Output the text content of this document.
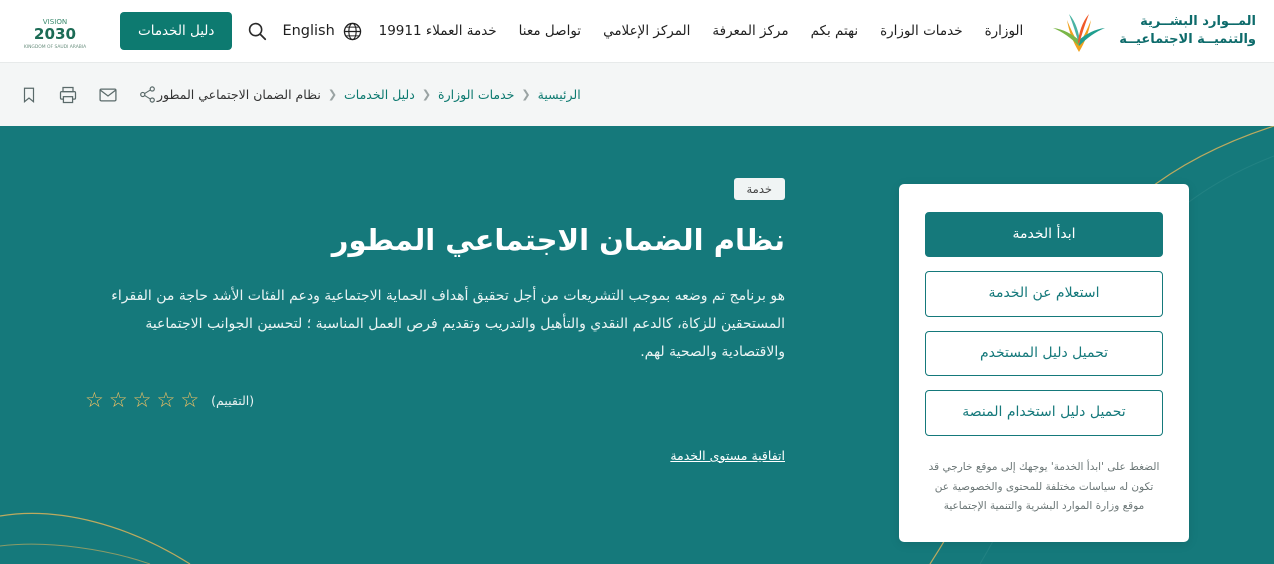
المــوارد البشــرية
والتنميــة الاجتماعيــة
الوزارة
خدمات الوزارة
نهتم بكم
مركز المعرفة
المركز الإعلامي
تواصل معنا
خدمة العملاء 19911
English
دليل الخدمات
VISION
2030
KINGDOM OF SAUDI ARABIA
الرئيسية
❮
خدمات الوزارة
❮
دليل الخدمات
❮
نظام الضمان الاجتماعي المطور
ابدأ الخدمة
استعلام عن الخدمة
تحميل دليل المستخدم
تحميل دليل استخدام المنصة
الضغط على 'ابدأ الخدمة' يوجهك إلى موقع خارجي قد تكون له سياسات مختلفة للمحتوى والخصوصية عن موقع وزارة الموارد البشرية والتنمية الإجتماعية
خدمة
نظام الضمان الاجتماعي المطور

هو برنامج تم وضعه بموجب التشريعات من أجل تحقيق أهداف الحماية الاجتماعية ودعم الفئات الأشد حاجة من الفقراء المستحقين للزكاة، كالدعم النقدي والتأهيل والتدريب وتقديم فرص العمل المناسبة ؛ لتحسين الجوانب الاجتماعية والاقتصادية والصحية لهم.

☆
☆
☆
☆
☆	(التقييم)
اتفاقية مستوى الخدمة
